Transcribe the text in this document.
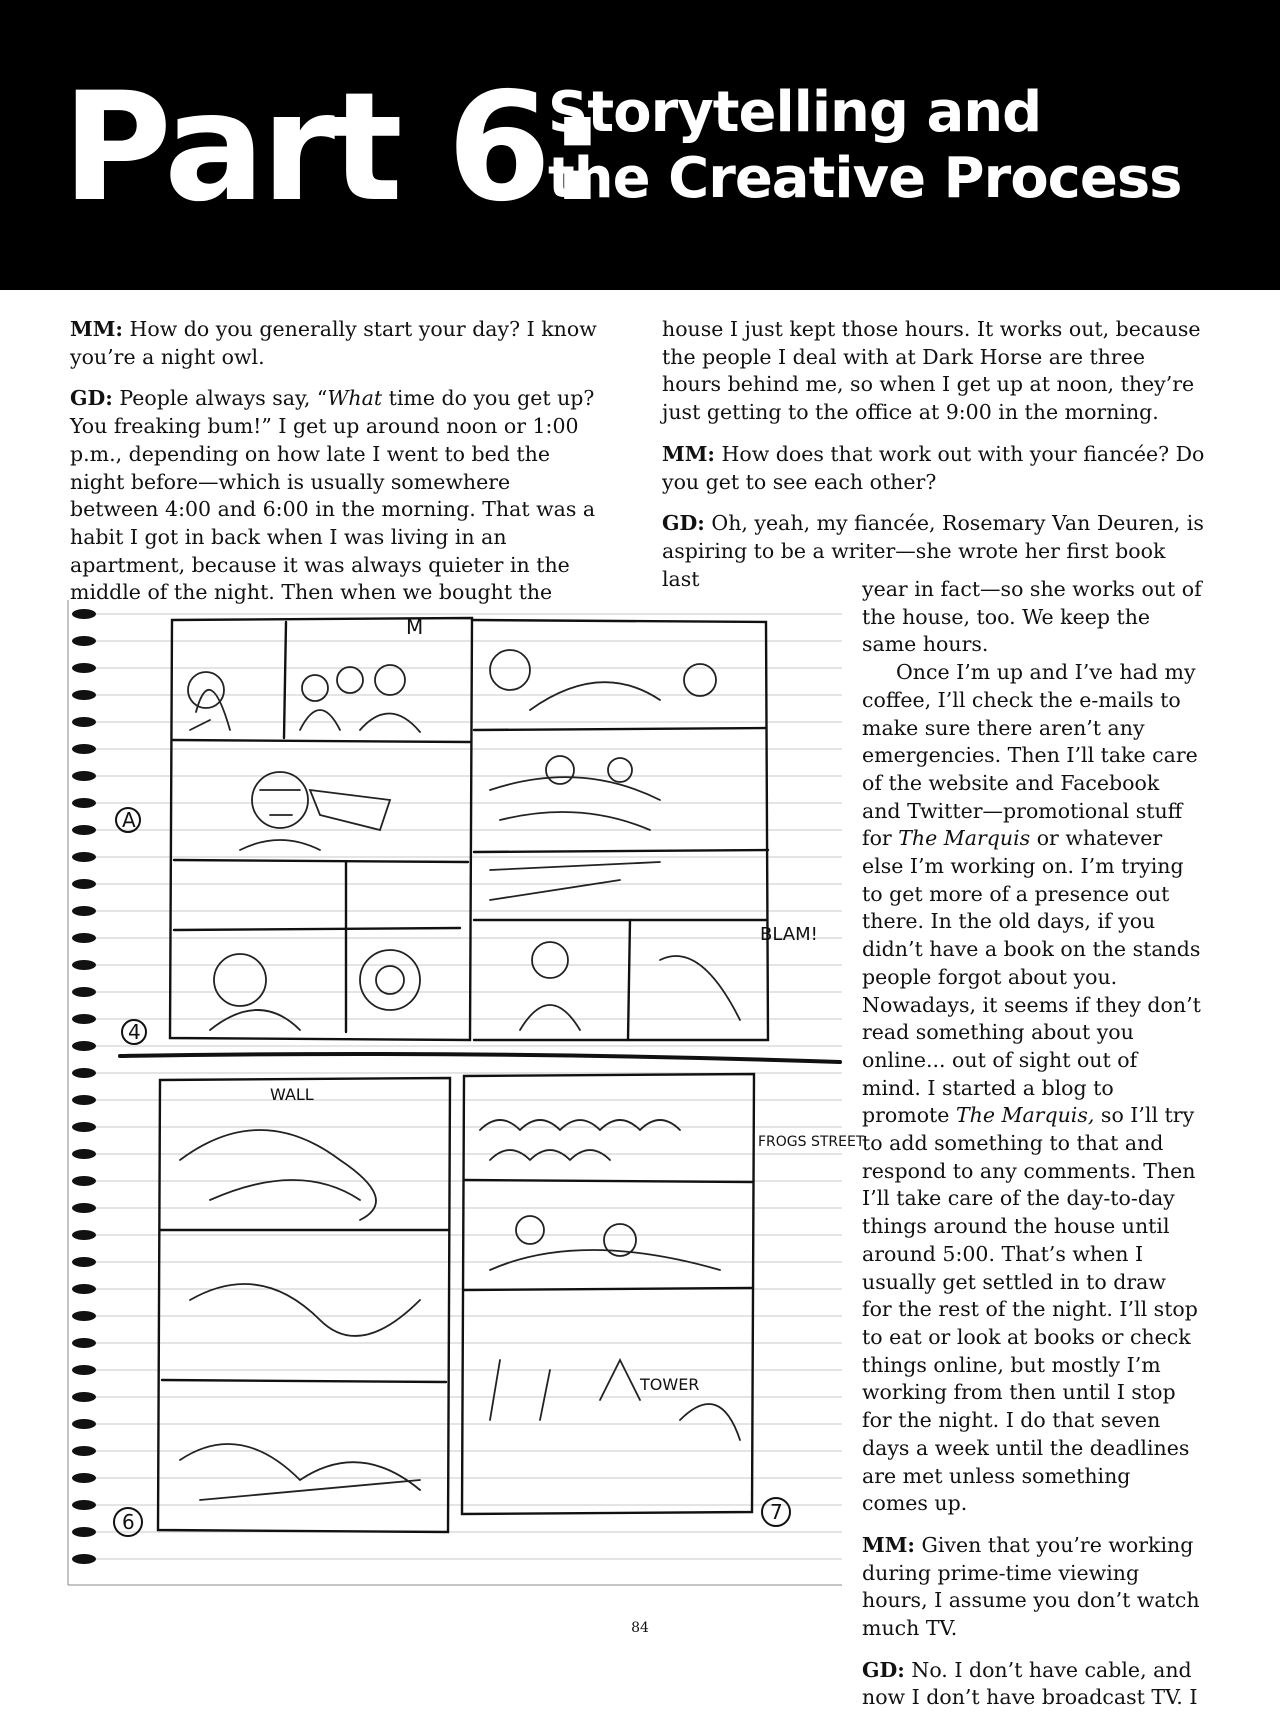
Part 6:
Storytelling and
the Creative Process

MM: How do you generally start your day? I know you’re a night owl.

GD: People always say, “What time do you get up? You freaking bum!” I get up around noon or 1:00 p.m., depending on how late I went to bed the night before—which is usually somewhere between 4:00 and 6:00 in the morning. That was a habit I got in back when I was living in an apartment, because it was always quieter in the middle of the night. Then when we bought the

house I just kept those hours. It works out, because the people I deal with at Dark Horse are three hours behind me, so when I get up at noon, they’re just getting to the office at 9:00 in the morning.

MM: How does that work out with your fiancée? Do you get to see each other?

GD: Oh, yeah, my fiancée, Rosemary Van Deuren, is aspiring to be a writer—she wrote her first book last	year in fact—so she works out of the house, too. We keep the same hours.

Once I’m up and I’ve had my coffee, I’ll check the e-mails to make sure there aren’t any emergencies. Then I’ll take care of the website and Facebook and Twitter—promotional stuff for The Marquis or whatever else I’m working on. I’m trying to get more of a presence out there. In the old days, if you didn’t have a book on the stands people forgot about you. Nowadays, it seems if they don’t read something about you online... out of sight out of mind. I started a blog to promote The Marquis, so I’ll try to add something to that and respond to any comments. Then I’ll take care of the day-to-day things around the house until around 5:00. That’s when I usually get settled in to draw for the rest of the night. I’ll stop to eat or look at books or check things online, but mostly I’m working from then until I stop for the night. I do that seven days a week until the deadlines are met unless something comes up.

MM: Given that you’re working during prime-time viewing hours, I assume you don’t watch much TV.

GD: No. I don’t have cable, and now I don’t have broadcast TV. I

M
A
4
6	7
BLAM!
WALL
FROGS STREET
TOWER
84
